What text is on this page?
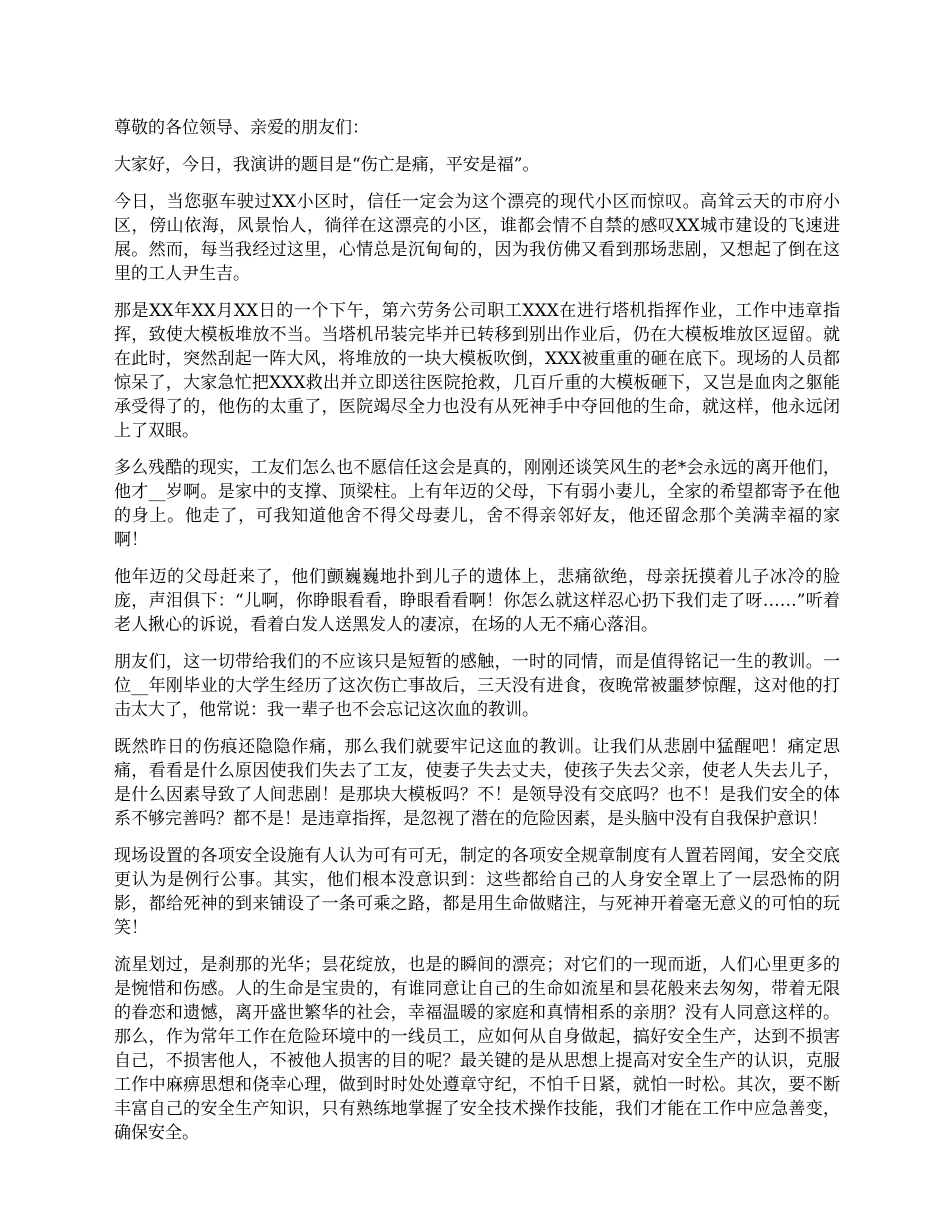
尊敬的各位领导、亲爱的朋友们：

大家好，今日，我演讲的题目是“伤亡是痛，平安是福”。

今日，当您驱车驶过XX小区时，信任一定会为这个漂亮的现代小区而惊叹。高耸云天的市府小区，傍山依海，风景怡人，徜徉在这漂亮的小区，谁都会情不自禁的感叹XX城市建设的飞速进展。然而，每当我经过这里，心情总是沉甸甸的，因为我仿佛又看到那场悲剧，又想起了倒在这里的工人尹生吉。

那是XX年XX月XX日的一个下午，第六劳务公司职工XXX在进行塔机指挥作业，工作中违章指挥，致使大模板堆放不当。当塔机吊装完毕并已转移到别出作业后，仍在大模板堆放区逗留。就在此时，突然刮起一阵大风，将堆放的一块大模板吹倒，XXX被重重的砸在底下。现场的人员都惊呆了，大家急忙把XXX救出并立即送往医院抢救，几百斤重的大模板砸下，又岂是血肉之躯能承受得了的，他伤的太重了，医院竭尽全力也没有从死神手中夺回他的生命，就这样，他永远闭上了双眼。

多么残酷的现实，工友们怎么也不愿信任这会是真的，刚刚还谈笑风生的老*会永远的离开他们，他才__岁啊。是家中的支撑、顶梁柱。上有年迈的父母，下有弱小妻儿，全家的希望都寄予在他的身上。他走了，可我知道他舍不得父母妻儿，舍不得亲邻好友，他还留念那个美满幸福的家啊！

他年迈的父母赶来了，他们颤巍巍地扑到儿子的遗体上，悲痛欲绝，母亲抚摸着儿子冰冷的脸庞，声泪俱下：“儿啊，你睁眼看看，睁眼看看啊！你怎么就这样忍心扔下我们走了呀……”听着老人揪心的诉说，看着白发人送黑发人的凄凉，在场的人无不痛心落泪。

朋友们，这一切带给我们的不应该只是短暂的感触，一时的同情，而是值得铭记一生的教训。一位__年刚毕业的大学生经历了这次伤亡事故后，三天没有进食，夜晚常被噩梦惊醒，这对他的打击太大了，他常说：我一辈子也不会忘记这次血的教训。

既然昨日的伤痕还隐隐作痛，那么我们就要牢记这血的教训。让我们从悲剧中猛醒吧！痛定思痛，看看是什么原因使我们失去了工友，使妻子失去丈夫，使孩子失去父亲，使老人失去儿子，是什么因素导致了人间悲剧！是那块大模板吗？不！是领导没有交底吗？也不！是我们安全的体系不够完善吗？都不是！是违章指挥，是忽视了潜在的危险因素，是头脑中没有自我保护意识！

现场设置的各项安全设施有人认为可有可无，制定的各项安全规章制度有人置若罔闻，安全交底更认为是例行公事。其实，他们根本没意识到：这些都给自己的人身安全罩上了一层恐怖的阴影，都给死神的到来铺设了一条可乘之路，都是用生命做赌注，与死神开着毫无意义的可怕的玩笑！

流星划过，是刹那的光华；昙花绽放，也是的瞬间的漂亮；对它们的一现而逝，人们心里更多的是惋惜和伤感。人的生命是宝贵的，有谁同意让自己的生命如流星和昙花般来去匆匆，带着无限的眷恋和遗憾，离开盛世繁华的社会，幸福温暖的家庭和真情相系的亲朋？没有人同意这样的。那么，作为常年工作在危险环境中的一线员工，应如何从自身做起，搞好安全生产，达到不损害自己，不损害他人，不被他人损害的目的呢？最关键的是从思想上提高对安全生产的认识，克服工作中麻痹思想和侥幸心理，做到时时处处遵章守纪，不怕千日紧，就怕一时松。其次，要不断丰富自己的安全生产知识，只有熟练地掌握了安全技术操作技能，我们才能在工作中应急善变，确保安全。
